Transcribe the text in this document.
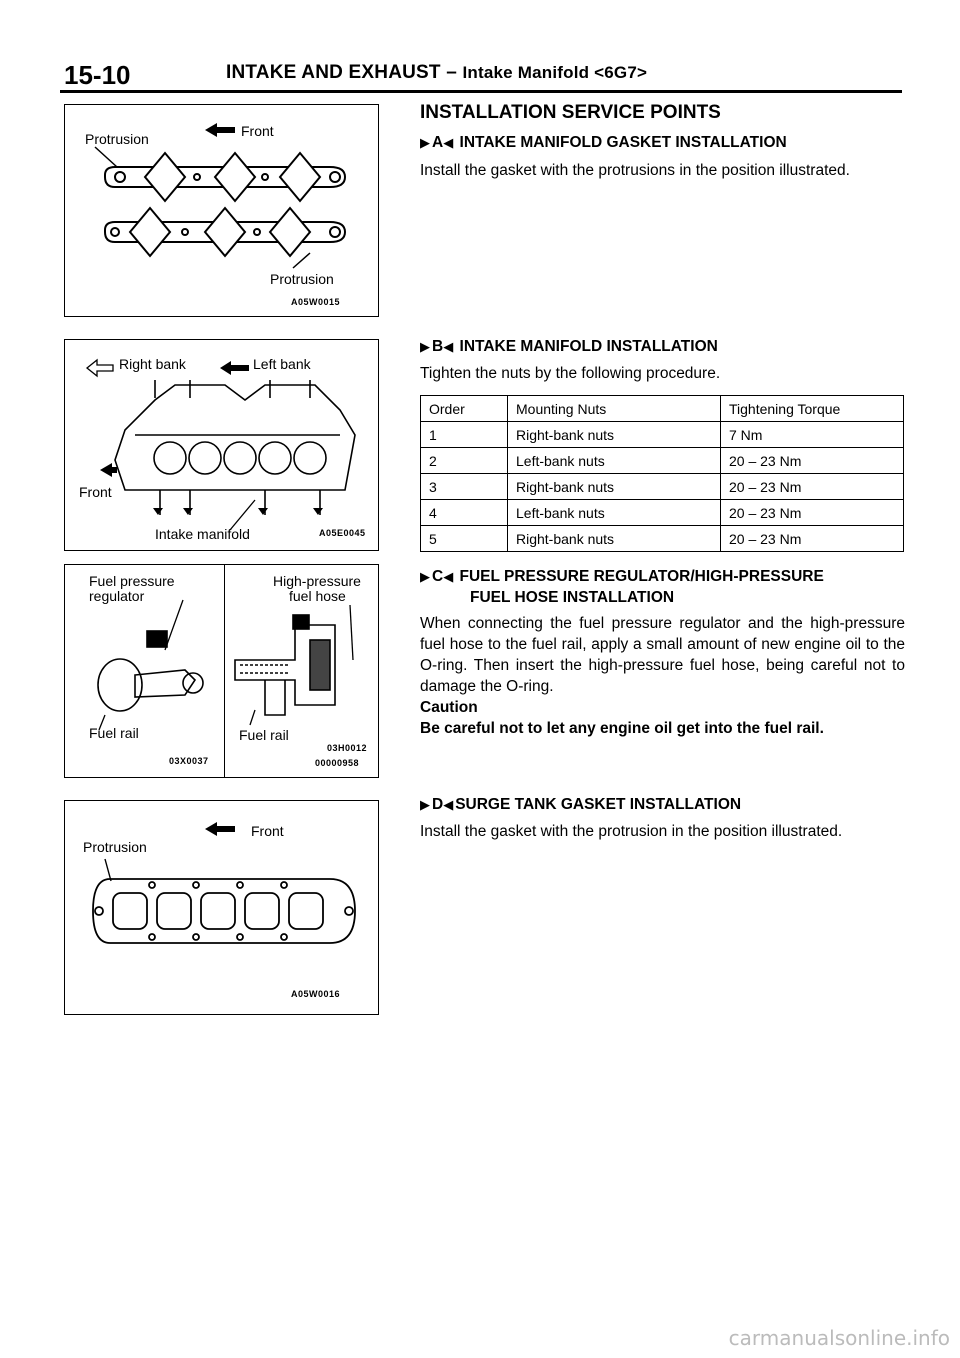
15-10	INTAKE AND EXHAUST – Intake Manifold <6G7>
Protrusion	Front
Protrusion
A05W0015
Right bank	Left bank
Front
Intake manifold	A05E0045
Fuel pressure
regulator
Fuel rail
03X0037
High-pressure
fuel hose
Fuel rail
03H0012
00000958
Front
Protrusion
A05W0016
INSTALLATION SERVICE POINTS
▶ A◀ INTAKE MANIFOLD GASKET INSTALLATION
Install the gasket with the protrusions in the position illustrated.
▶ B◀ INTAKE MANIFOLD INSTALLATION
Tighten the nuts by the following procedure.
Order	Mounting Nuts	Tightening Torque
1	Right-bank nuts	7 Nm
2	Left-bank nuts	20 – 23 Nm
3	Right-bank nuts	20 – 23 Nm
4	Left-bank nuts	20 – 23 Nm
5	Right-bank nuts	20 – 23 Nm
▶ C◀ FUEL PRESSURE REGULATOR/HIGH-PRESSURE
FUEL HOSE INSTALLATION
When connecting the fuel pressure regulator and the high-pressure fuel hose to the fuel rail, apply a small amount of new engine oil to the O-ring. Then insert the high-pressure fuel hose, being careful not to damage the O-ring.
Caution
Be careful not to let any engine oil get into the fuel rail.
▶ D◀ SURGE TANK GASKET INSTALLATION
Install the gasket with the protrusion in the position illustrated.
carmanualsonline.info
